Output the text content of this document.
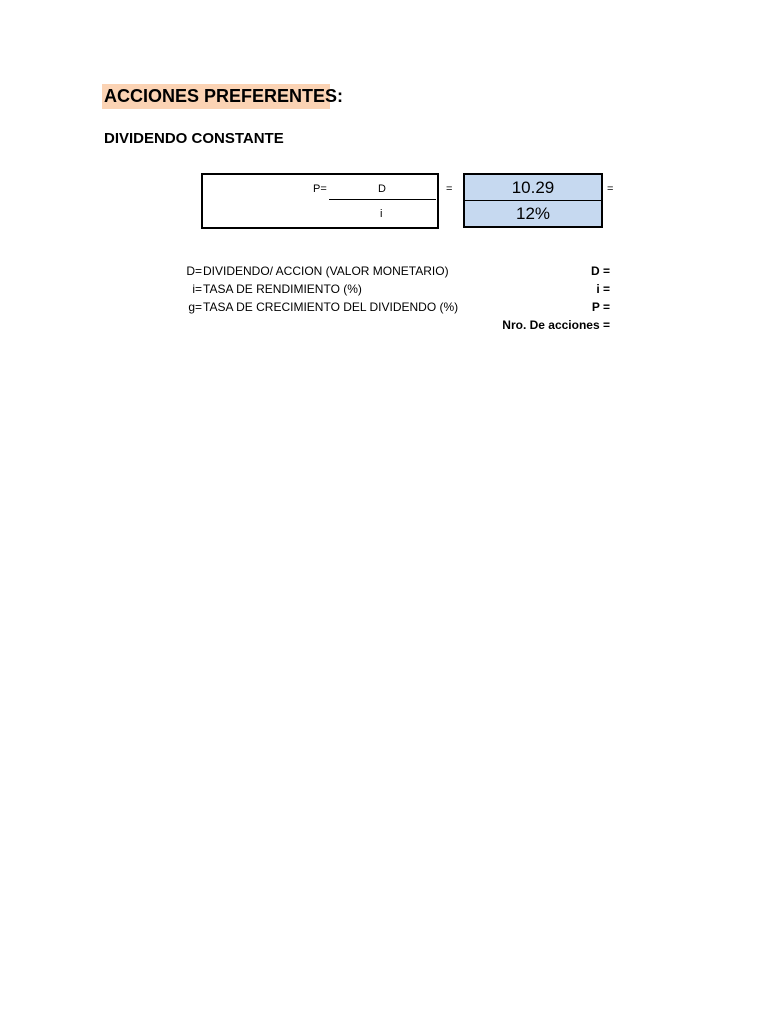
ACCIONES PREFERENTES:
DIVIDENDO CONSTANTE
P=	D
i
=	10.29
12%
=
D= DIVIDENDO/ ACCION (VALOR MONETARIO)
i= TASA DE RENDIMIENTO (%)
g= TASA DE CRECIMIENTO DEL DIVIDENDO (%)
D =
i =
P =
Nro. De acciones =
